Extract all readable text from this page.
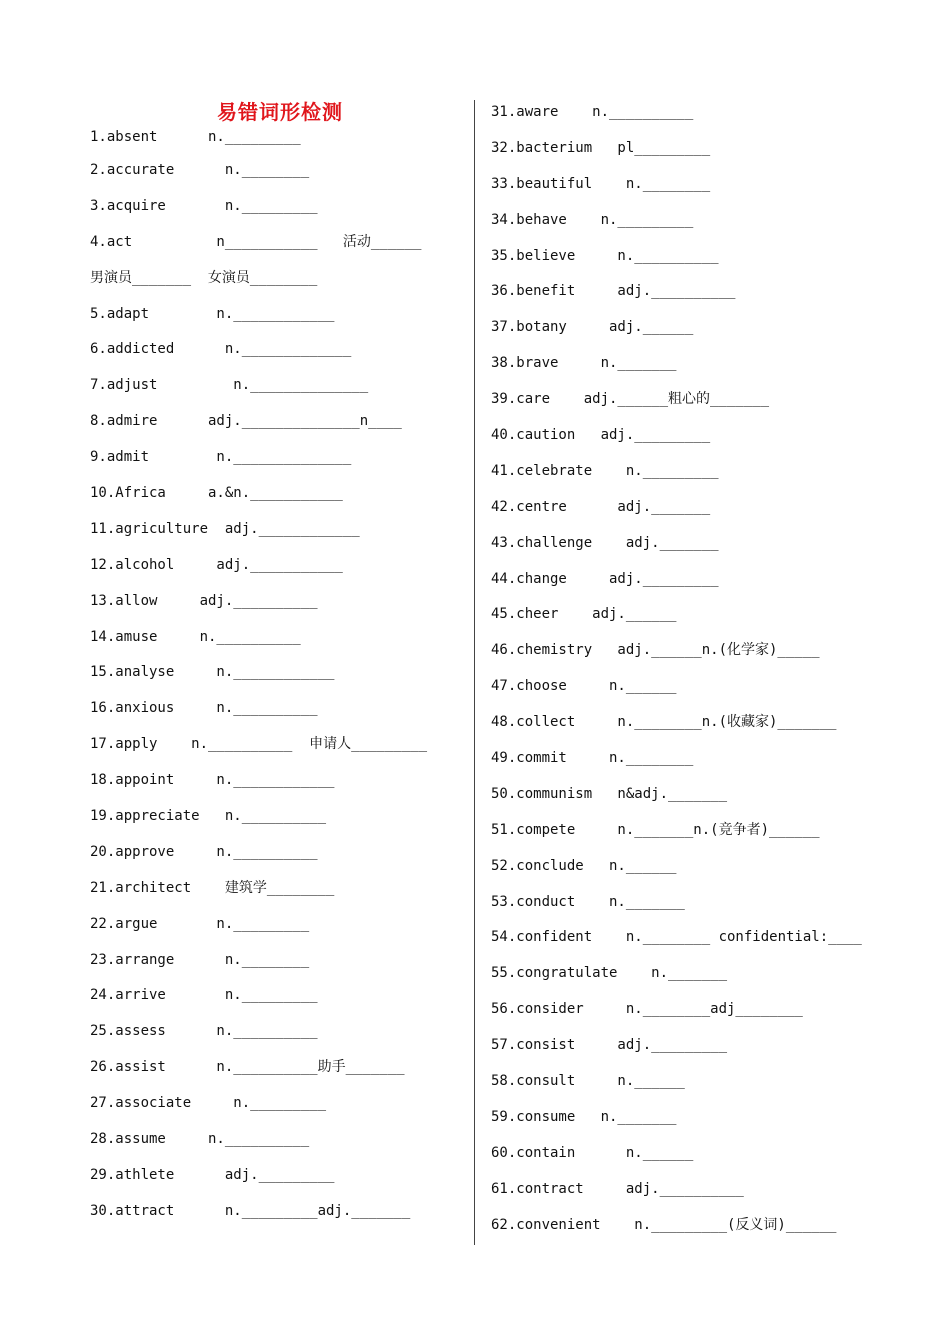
易错词形检测
1.absent      n._________
2.accurate      n.________
3.acquire       n._________
4.act          n___________   活动______
男演员_______  女演员________
5.adapt        n.____________
6.addicted      n._____________
7.adjust         n.______________
8.admire      adj.______________n____
9.admit        n.______________
10.Africa     a.&n.___________
11.agriculture  adj.____________
12.alcohol     adj.___________
13.allow     adj.__________
14.amuse     n.__________
15.analyse     n.____________
16.anxious     n.__________
17.apply    n.__________  申请人_________
18.appoint     n.____________
19.appreciate   n.__________
20.approve     n.__________
21.architect    建筑学________
22.argue       n._________
23.arrange      n.________
24.arrive       n._________
25.assess      n.__________
26.assist      n.__________助手_______
27.associate     n._________
28.assume     n.__________
29.athlete      adj._________
30.attract      n._________adj._______
31.aware    n.__________
32.bacterium   pl_________
33.beautiful    n.________
34.behave    n._________
35.believe     n.__________
36.benefit     adj.__________
37.botany     adj.______
38.brave     n._______
39.care    adj.______粗心的_______
40.caution   adj._________
41.celebrate    n._________
42.centre      adj._______
43.challenge    adj._______
44.change     adj._________
45.cheer    adj.______
46.chemistry   adj.______n.(化学家)_____
47.choose     n.______
48.collect     n.________n.(收藏家)_______
49.commit     n.________
50.communism   n&adj._______
51.compete     n._______n.(竞争者)______
52.conclude   n.______
53.conduct    n._______
54.confident    n.________ confidential:____
55.congratulate    n._______
56.consider     n.________adj________
57.consist     adj._________
58.consult     n.______
59.consume   n._______
60.contain      n.______
61.contract     adj.__________
62.convenient    n._________(反义词)______
